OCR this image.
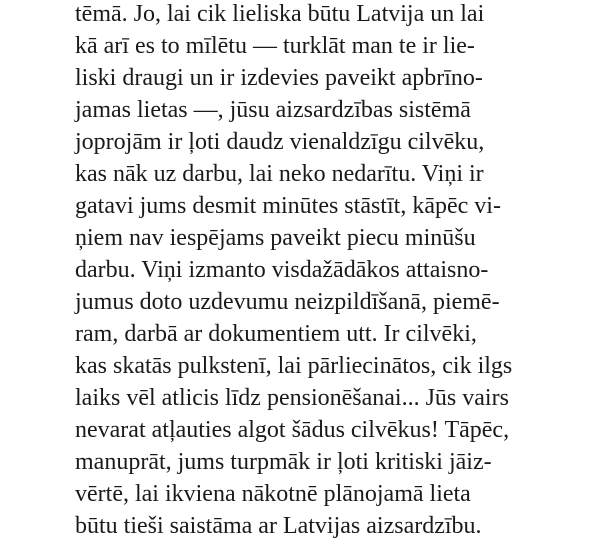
tēmā. Jo, lai cik lieliska būtu Latvija un lai
kā arī es to mīlētu — turklāt man te ir lie-
liski draugi un ir izdevies paveikt apbrīno-
jamas lietas —, jūsu aizsardzības sistēmā
joprojām ir ļoti daudz vienaldzīgu cilvēku,
kas nāk uz darbu, lai neko nedarītu. Viņi ir
gatavi jums desmit minūtes stāstīt, kāpēc vi-
ņiem nav iespējams paveikt piecu minūšu
darbu. Viņi izmanto visdažādākos attaisno-
jumus doto uzdevumu neizpildīšanā, piemē-
ram, darbā ar dokumentiem utt. Ir cilvēki,
kas skatās pulkstenī, lai pārliecinātos, cik ilgs
laiks vēl atlicis līdz pensionēšanai... Jūs vairs
nevarat atļauties algot šādus cilvēkus! Tāpēc,
manuprāt, jums turpmāk ir ļoti kritiski jāiz-
vērtē, lai ikviena nākotnē plānojamā lieta
būtu tieši saistāma ar Latvijas aizsardzību.
